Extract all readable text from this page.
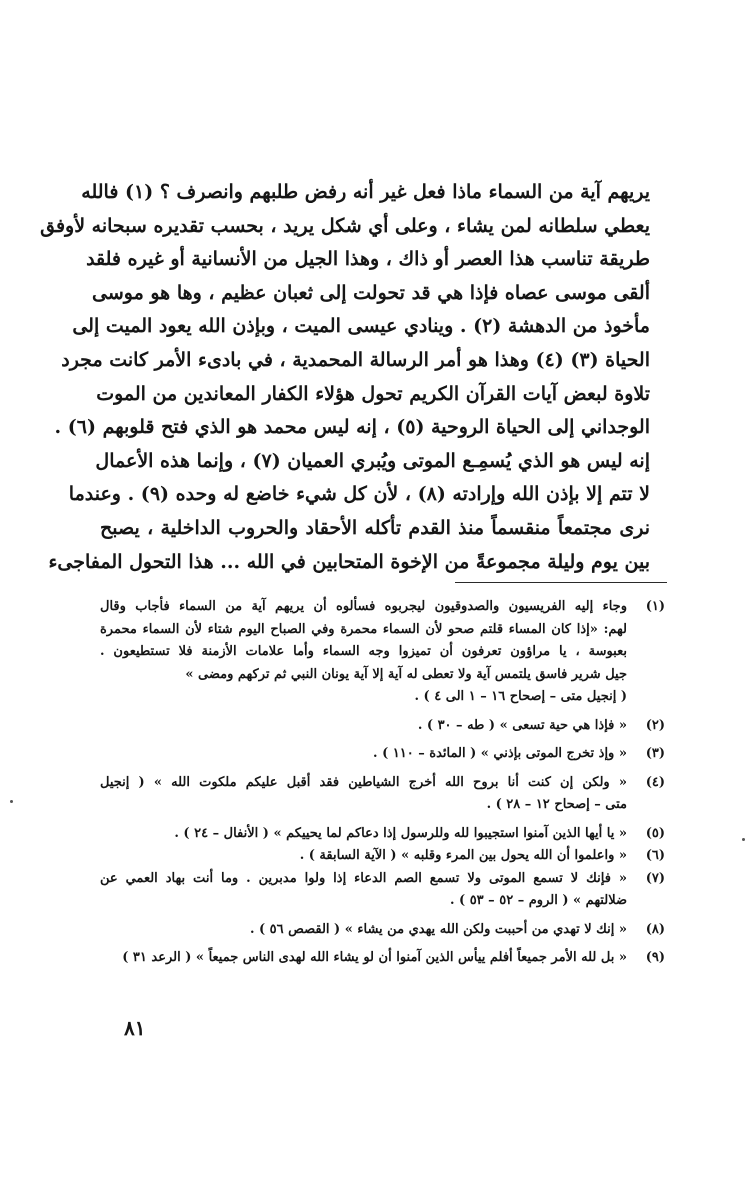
يريهم آية من السماء ماذا فعل غير أنه رفض طلبهم وانصرف ؟ (١) فالله
يعطي سلطانه لمن يشاء ، وعلى أي شكل يريد ، بحسب تقديره سبحانه لأوفق
طريقة تناسب هذا العصر أو ذاك ، وهذا الجيل من الأنسانية أو غيره فلقد
ألقى موسى عصاه فإذا هي قد تحولت إلى ثعبان عظيم ، وها هو موسى
مأخوذ من الدهشة (٢) . وينادي عيسى الميت ، وبإذن الله يعود الميت إلى
الحياة (٣) (٤) وهذا هو أمر الرسالة المحمدية ، في بادىء الأمر كانت مجرد
تلاوة لبعض آيات القرآن الكريم تحول هؤلاء الكفار المعاندين من الموت
الوجداني إلى الحياة الروحية (٥) ، إنه ليس محمد هو الذي فتح قلوبهم (٦) .
إنه ليس هو الذي يُسمِـع الموتى ويُبري العميان (٧) ، وإنما هذه الأعمال
لا تتم إلا بإذن الله وإرادته (٨) ، لأن كل شيء خاضع له وحده (٩) . وعندما
نرى مجتمعاً منقسماً منذ القدم تأكله الأحقاد والحروب الداخلية ، يصبح
بين يوم وليلة مجموعةً من الإخوة المتحابين في الله ... هذا التحول المفاجىء
(١)
وجاء إليه الفريسيون والصدوقيون ليجربوه فسألوه أن يريهم آية من السماء فأجاب وقال
لهم: «إذا كان المساء قلتم صحو لأن السماء محمرة وفي الصباح اليوم شتاء لأن السماء محمرة
بعبوسة ، يا مراؤون تعرفون أن تميزوا وجه السماء وأما علامات الأزمنة فلا تستطيعون .
جيل شرير فاسق يلتمس آية ولا تعطى له آية إلا آية يونان النبي ثم تركهم ومضى »
( إنجيل متى – إصحاح ١٦ – ١ الى ٤ ) .
(٢)
« فإذا هي حية تسعى » ( طه – ٣٠ ) .
(٣)
« وإذ تخرج الموتى بإذني » ( المائدة – ١١٠ ) .
(٤)
« ولكن إن كنت أنا بروح الله أخرج الشياطين فقد أقبل عليكم ملكوت الله » ( إنجيل
متى – إصحاح ١٢ – ٢٨ ) .
(٥)
« يا أيها الذين آمنوا استجيبوا لله وللرسول إذا دعاكم لما يحييكم » ( الأنفال – ٢٤ ) .
(٦)
« واعلموا أن الله يحول بين المرء وقلبه » ( الآية السابقة ) .
(٧)
« فإنك لا تسمع الموتى ولا تسمع الصم الدعاء إذا ولوا مدبرين . وما أنت بهاد العمي عن
ضلالتهم » ( الروم – ٥٢ – ٥٣ ) .
(٨)
« إنك لا تهدي من أحببت ولكن الله يهدي من يشاء » ( القصص ٥٦ ) .
(٩)
« بل لله الأمر جميعاً أفلم ييأس الذين آمنوا أن لو يشاء الله لهدى الناس جميعاً » ( الرعد ٣١ )
٨١
